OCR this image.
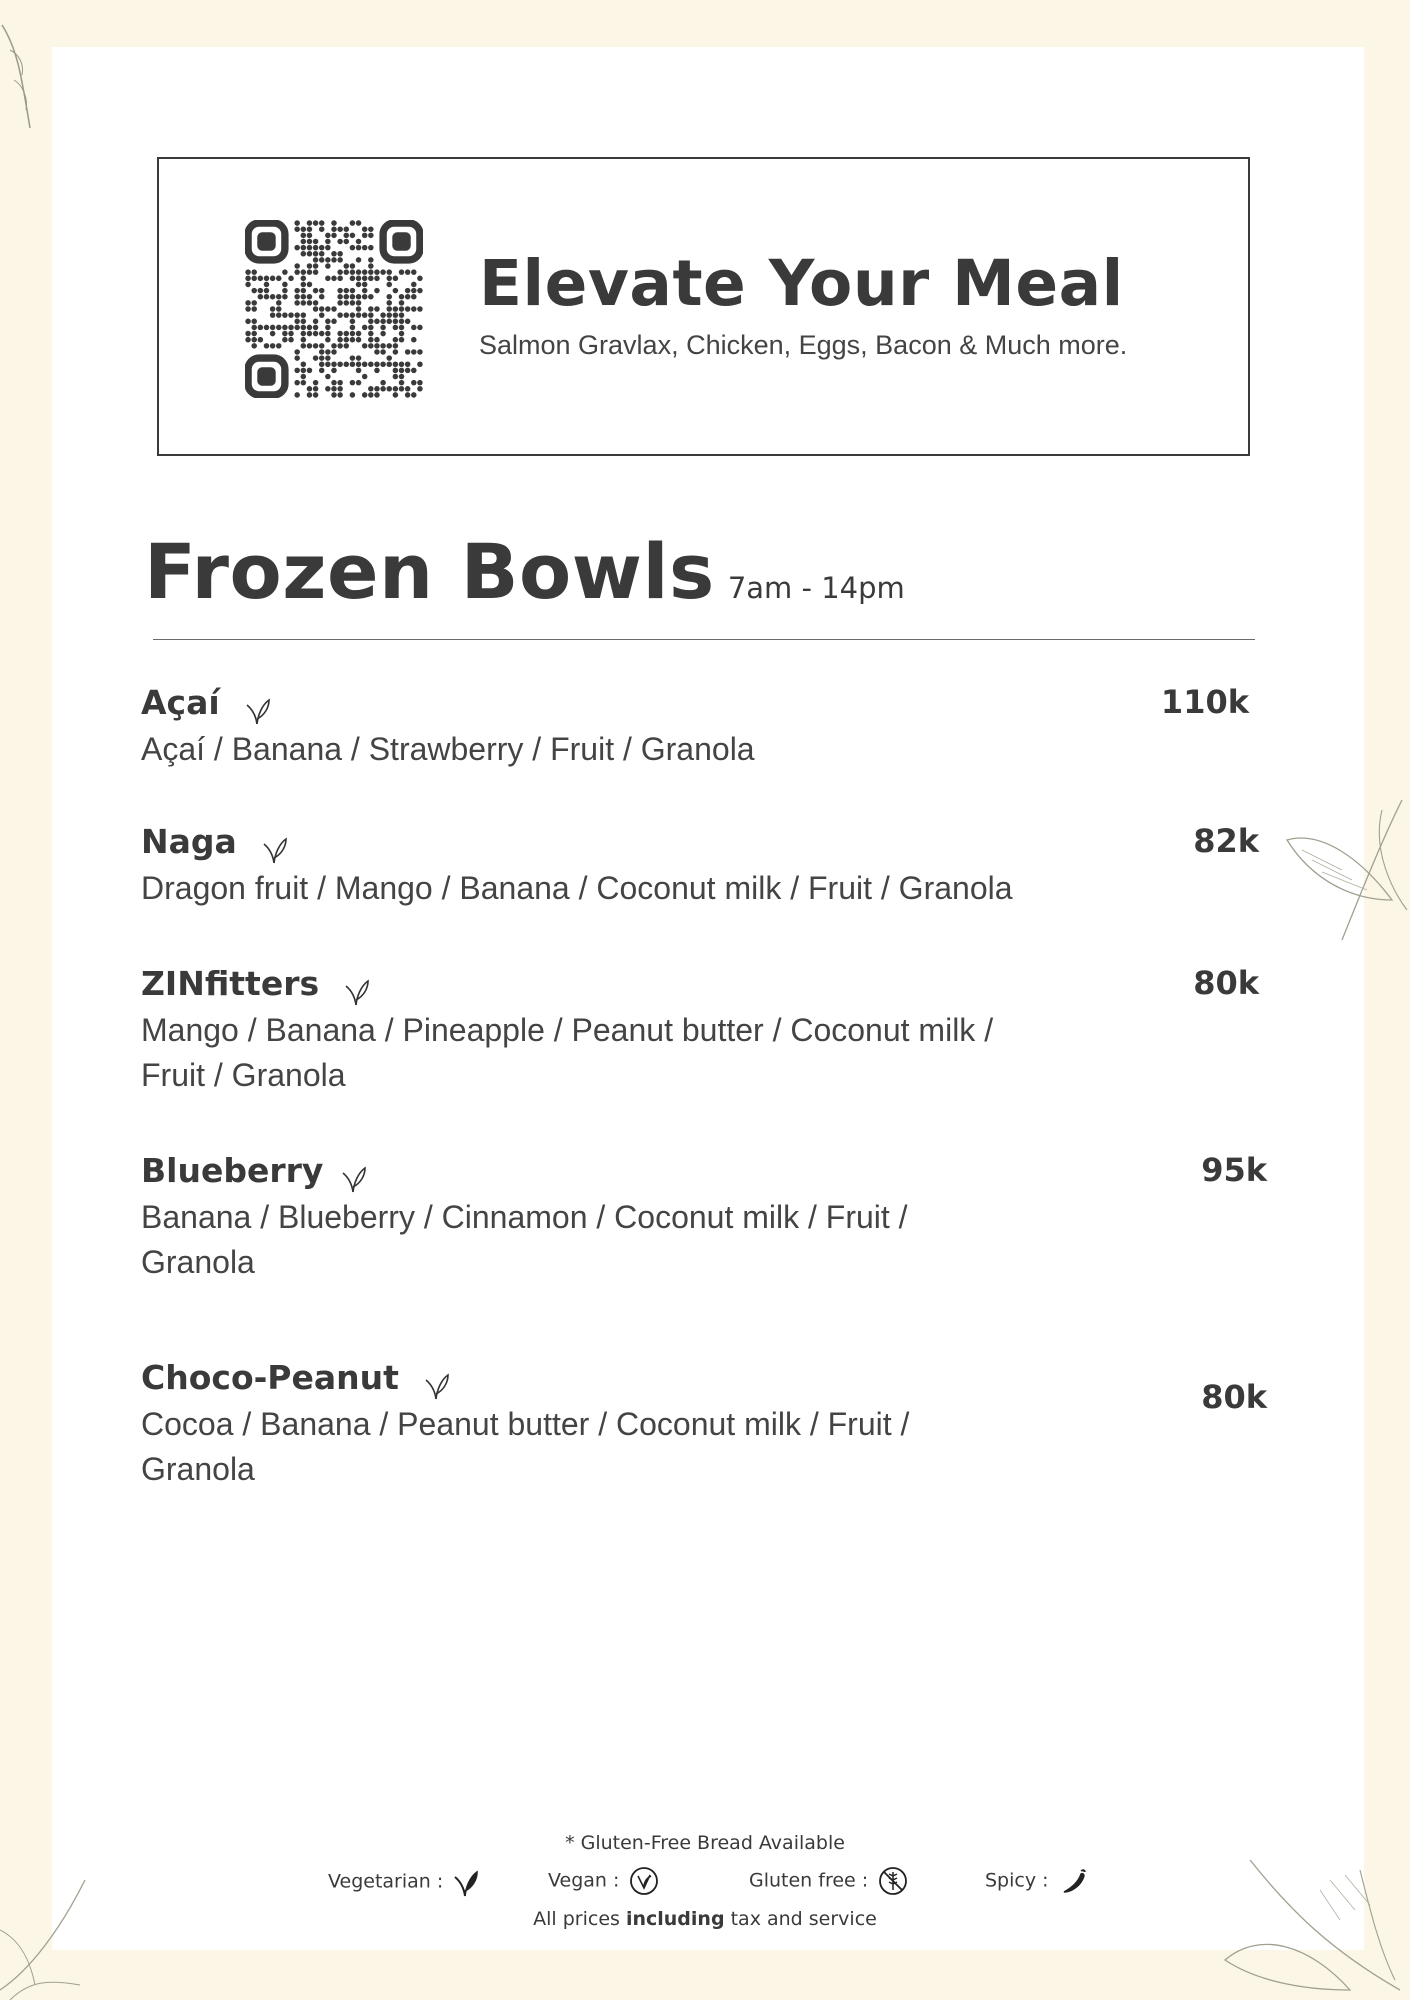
Elevate Your Meal
Salmon Gravlax, Chicken, Eggs, Bacon & Much more.
Frozen Bowls 7am - 14pm
Açaí
Açaí / Banana / Strawberry / Fruit / Granola
110k
Naga
Dragon fruit / Mango / Banana / Coconut milk / Fruit / Granola
82k
ZINfitters
Mango / Banana / Pineapple / Peanut butter / Coconut milk /
Fruit / Granola
80k
Blueberry
Banana / Blueberry / Cinnamon / Coconut milk / Fruit /
Granola
95k
Choco-Peanut
Cocoa / Banana / Peanut butter / Coconut milk / Fruit /
Granola
80k
* Gluten-Free Bread Available
Vegetarian :	Vegan :	Gluten free :	Spicy :
All prices including tax and service
